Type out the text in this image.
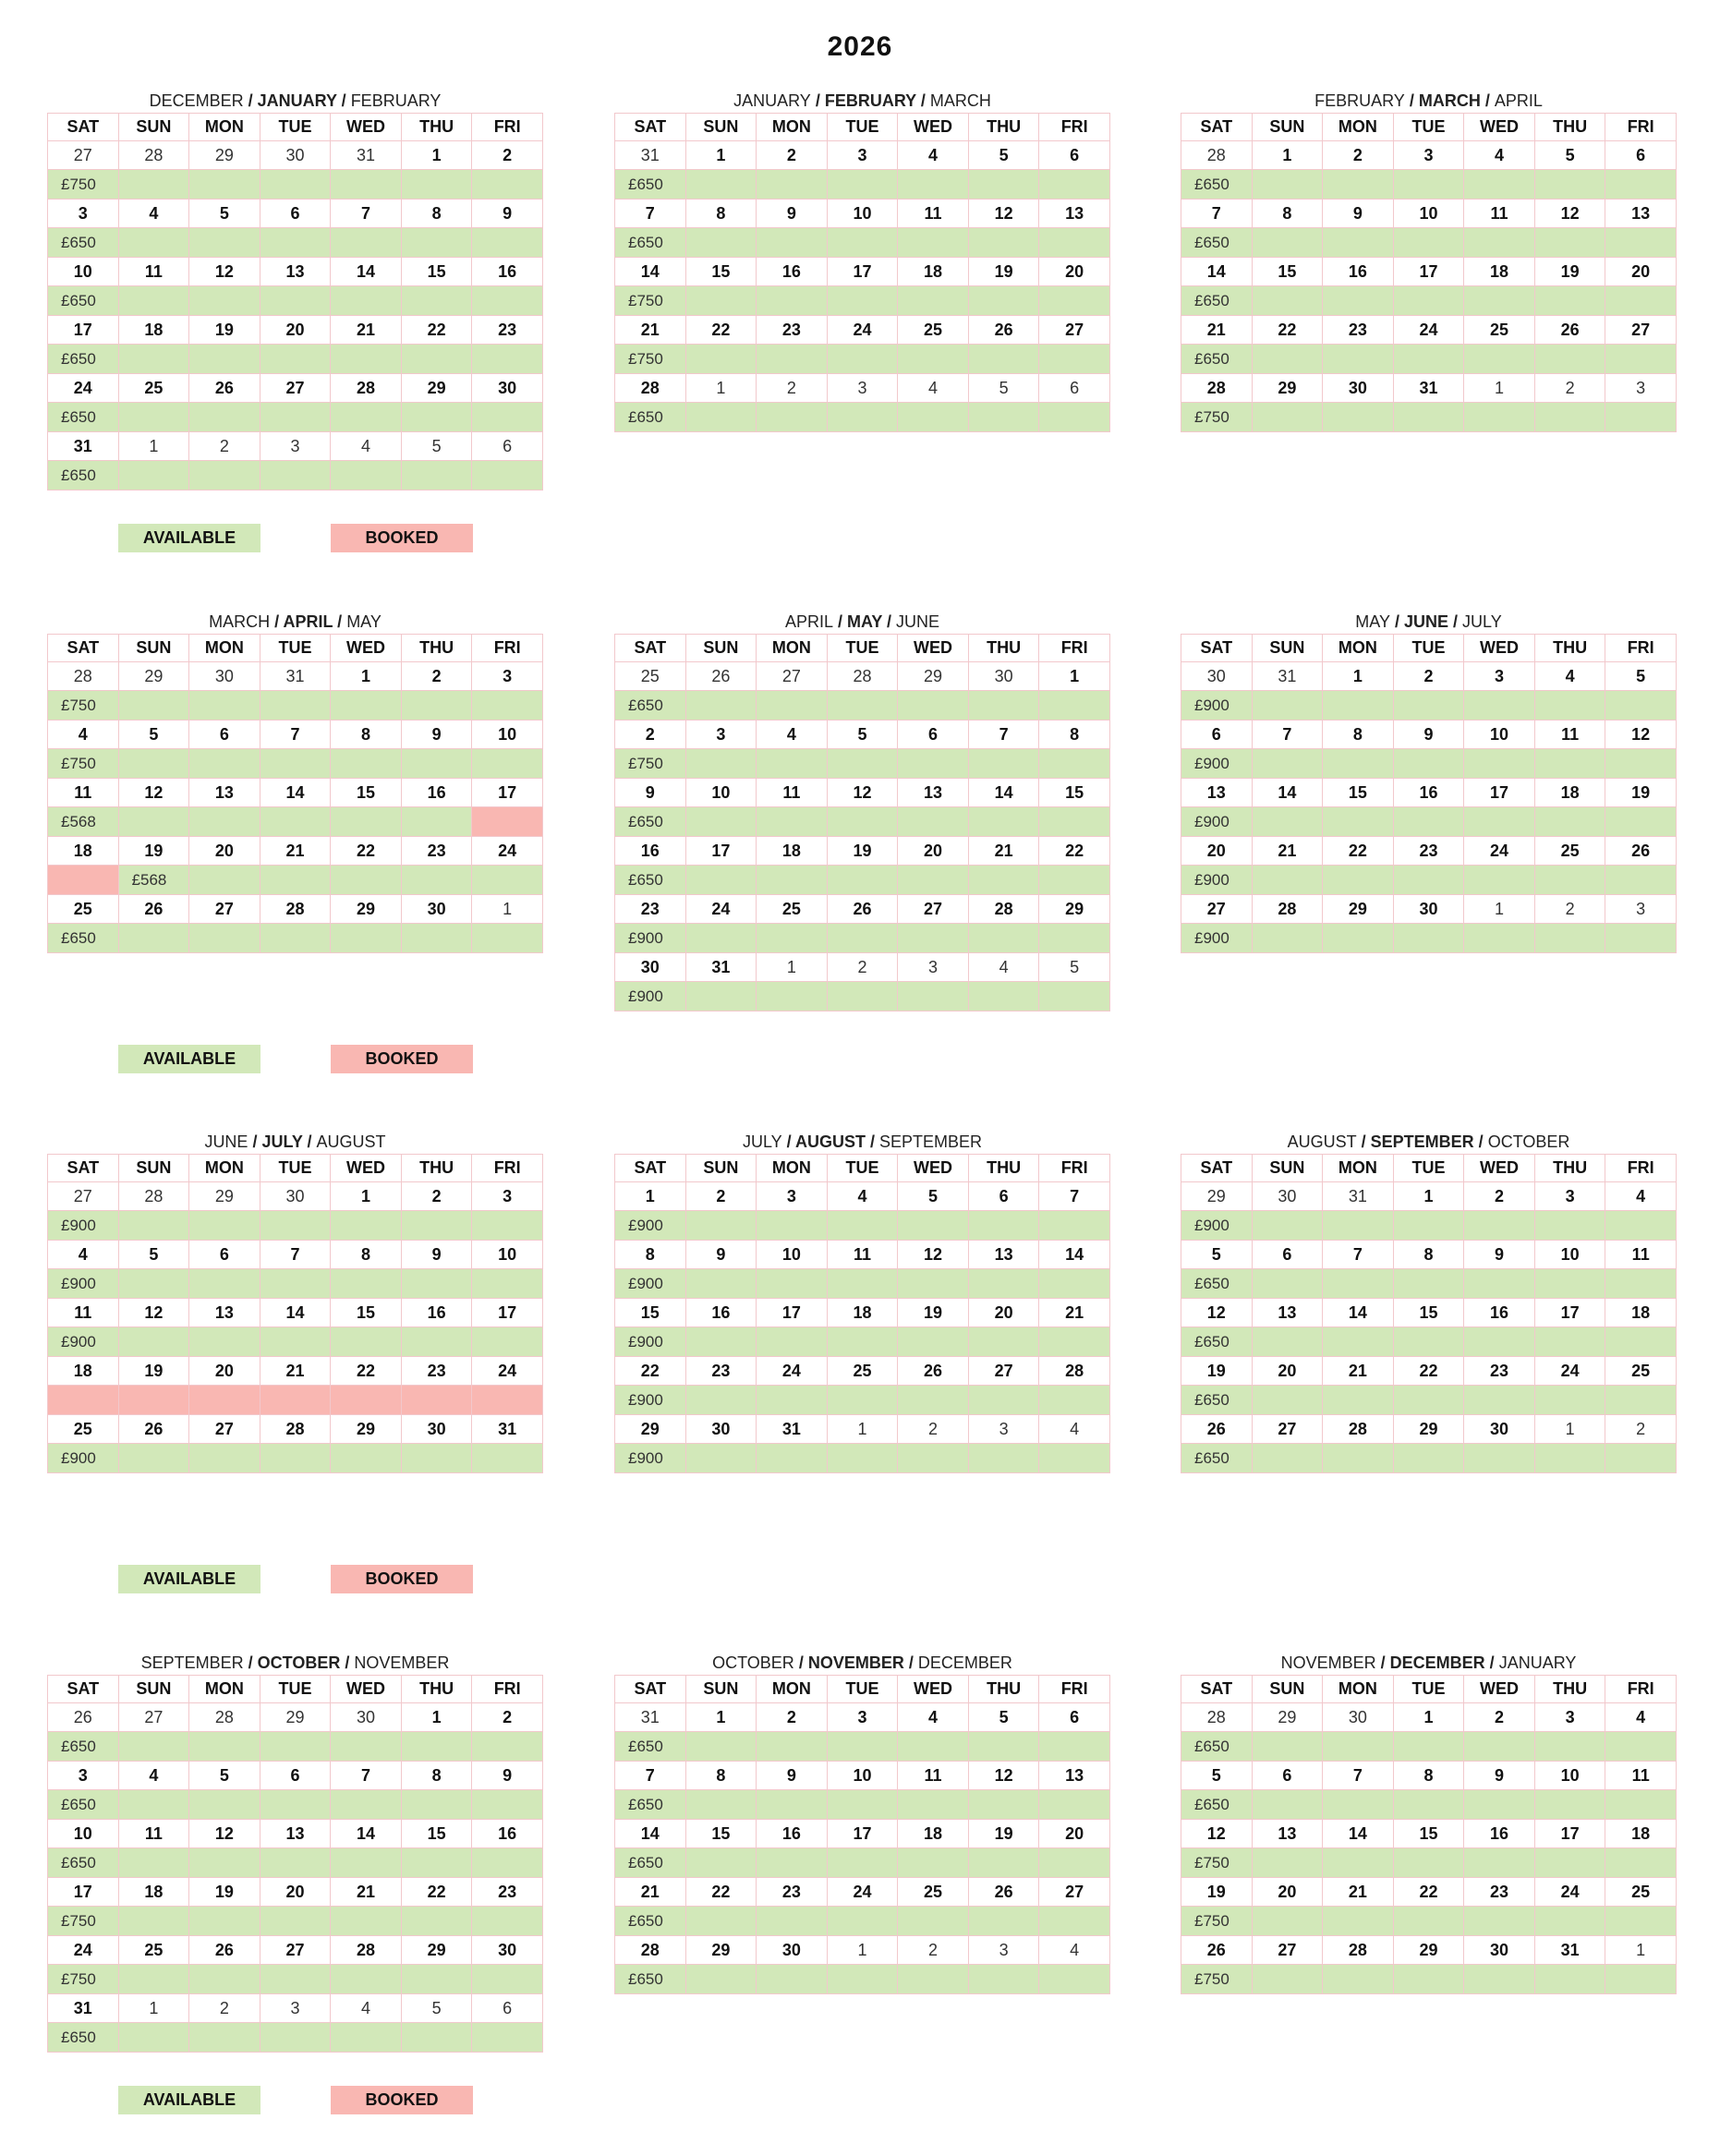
2026
DECEMBER / JANUARY / FEBRUARY
SAT	SUN	MON	TUE	WED	THU	FRI
27	28	29	30	31	1	2
£750						
3	4	5	6	7	8	9
£650						
10	11	12	13	14	15	16
£650						
17	18	19	20	21	22	23
£650						
24	25	26	27	28	29	30
£650						
31	1	2	3	4	5	6
£650						
JANUARY / FEBRUARY / MARCH
SAT	SUN	MON	TUE	WED	THU	FRI
31	1	2	3	4	5	6
£650						
7	8	9	10	11	12	13
£650						
14	15	16	17	18	19	20
£750						
21	22	23	24	25	26	27
£750						
28	1	2	3	4	5	6
£650						
FEBRUARY / MARCH / APRIL
SAT	SUN	MON	TUE	WED	THU	FRI
28	1	2	3	4	5	6
£650						
7	8	9	10	11	12	13
£650						
14	15	16	17	18	19	20
£650						
21	22	23	24	25	26	27
£650						
28	29	30	31	1	2	3
£750						
MARCH / APRIL / MAY
SAT	SUN	MON	TUE	WED	THU	FRI
28	29	30	31	1	2	3
£750						
4	5	6	7	8	9	10
£750						
11	12	13	14	15	16	17
£568						
18	19	20	21	22	23	24
	£568					
25	26	27	28	29	30	1
£650						
APRIL / MAY / JUNE
SAT	SUN	MON	TUE	WED	THU	FRI
25	26	27	28	29	30	1
£650						
2	3	4	5	6	7	8
£750						
9	10	11	12	13	14	15
£650						
16	17	18	19	20	21	22
£650						
23	24	25	26	27	28	29
£900						
30	31	1	2	3	4	5
£900						
MAY / JUNE / JULY
SAT	SUN	MON	TUE	WED	THU	FRI
30	31	1	2	3	4	5
£900						
6	7	8	9	10	11	12
£900						
13	14	15	16	17	18	19
£900						
20	21	22	23	24	25	26
£900						
27	28	29	30	1	2	3
£900						
JUNE / JULY / AUGUST
SAT	SUN	MON	TUE	WED	THU	FRI
27	28	29	30	1	2	3
£900						
4	5	6	7	8	9	10
£900						
11	12	13	14	15	16	17
£900						
18	19	20	21	22	23	24

25	26	27	28	29	30	31
£900						
JULY / AUGUST / SEPTEMBER
SAT	SUN	MON	TUE	WED	THU	FRI
1	2	3	4	5	6	7
£900						
8	9	10	11	12	13	14
£900						
15	16	17	18	19	20	21
£900						
22	23	24	25	26	27	28
£900						
29	30	31	1	2	3	4
£900						
AUGUST / SEPTEMBER / OCTOBER
SAT	SUN	MON	TUE	WED	THU	FRI
29	30	31	1	2	3	4
£900						
5	6	7	8	9	10	11
£650						
12	13	14	15	16	17	18
£650						
19	20	21	22	23	24	25
£650						
26	27	28	29	30	1	2
£650						
SEPTEMBER / OCTOBER / NOVEMBER
SAT	SUN	MON	TUE	WED	THU	FRI
26	27	28	29	30	1	2
£650						
3	4	5	6	7	8	9
£650						
10	11	12	13	14	15	16
£650						
17	18	19	20	21	22	23
£750						
24	25	26	27	28	29	30
£750						
31	1	2	3	4	5	6
£650						
OCTOBER / NOVEMBER / DECEMBER
SAT	SUN	MON	TUE	WED	THU	FRI
31	1	2	3	4	5	6
£650						
7	8	9	10	11	12	13
£650						
14	15	16	17	18	19	20
£650						
21	22	23	24	25	26	27
£650						
28	29	30	1	2	3	4
£650						
NOVEMBER / DECEMBER / JANUARY
SAT	SUN	MON	TUE	WED	THU	FRI
28	29	30	1	2	3	4
£650						
5	6	7	8	9	10	11
£650						
12	13	14	15	16	17	18
£750						
19	20	21	22	23	24	25
£750						
26	27	28	29	30	31	1
£750						
AVAILABLE	BOOKED
AVAILABLE	BOOKED
AVAILABLE	BOOKED
AVAILABLE	BOOKED
